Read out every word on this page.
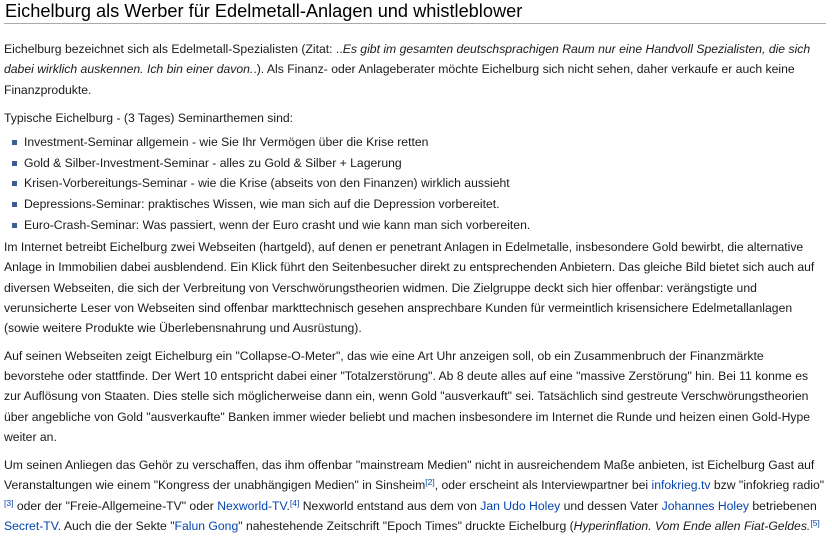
Eichelburg als Werber für Edelmetall-Anlagen und whistleblower

Eichelburg bezeichnet sich als Edelmetall-Spezialisten (Zitat: ..Es gibt im gesamten deutschsprachigen Raum nur eine Handvoll Spezialisten, die sich dabei wirklich auskennen. Ich bin einer davon..). Als Finanz- oder Anlageberater möchte Eichelburg sich nicht sehen, daher verkaufe er auch keine Finanzprodukte.

Typische Eichelburg - (3 Tages) Seminarthemen sind:

Investment-Seminar allgemein - wie Sie Ihr Vermögen über die Krise retten
Gold & Silber-Investment-Seminar - alles zu Gold & Silber + Lagerung
Krisen-Vorbereitungs-Seminar - wie die Krise (abseits von den Finanzen) wirklich aussieht
Depressions-Seminar: praktisches Wissen, wie man sich auf die Depression vorbereitet.
Euro-Crash-Seminar: Was passiert, wenn der Euro crasht und wie kann man sich vorbereiten.

Im Internet betreibt Eichelburg zwei Webseiten (hartgeld), auf denen er penetrant Anlagen in Edelmetalle, insbesondere Gold bewirbt, die alternative Anlage in Immobilien dabei ausblendend. Ein Klick führt den Seitenbesucher direkt zu entsprechenden Anbietern. Das gleiche Bild bietet sich auch auf diversen Webseiten, die sich der Verbreitung von Verschwörungstheorien widmen. Die Zielgruppe deckt sich hier offenbar: verängstigte und verunsicherte Leser von Webseiten sind offenbar markttechnisch gesehen ansprechbare Kunden für vermeintlich krisensichere Edelmetallanlagen (sowie weitere Produkte wie Überlebensnahrung und Ausrüstung).

Auf seinen Webseiten zeigt Eichelburg ein "Collapse-O-Meter", das wie eine Art Uhr anzeigen soll, ob ein Zusammenbruch der Finanzmärkte bevorstehe oder stattfinde. Der Wert 10 entspricht dabei einer "Totalzerstörung". Ab 8 deute alles auf eine "massive Zerstörung" hin. Bei 11 konme es zur Auflösung von Staaten. Dies stelle sich möglicherweise dann ein, wenn Gold "ausverkauft" sei. Tatsächlich sind gestreute Verschwörungstheorien über angebliche von Gold "ausverkaufte" Banken immer wieder beliebt und machen insbesondere im Internet die Runde und heizen einen Gold-Hype weiter an.

Um seinen Anliegen das Gehör zu verschaffen, das ihm offenbar "mainstream Medien" nicht in ausreichendem Maße anbieten, ist Eichelburg Gast auf Veranstaltungen wie einem "Kongress der unabhängigen Medien" in Sinsheim[2], oder erscheint als Interviewpartner bei infokrieg.tv bzw "infokrieg radio"[3] oder der "Freie-Allgemeine-TV" oder Nexworld-TV.[4] Nexworld entstand aus dem von Jan Udo Holey und dessen Vater Johannes Holey betriebenen Secret-TV. Auch die der Sekte "Falun Gong" nahestehende Zeitschrift "Epoch Times" druckte Eichelburg (Hyperinflation. Vom Ende allen Fiat-Geldes.[5]
